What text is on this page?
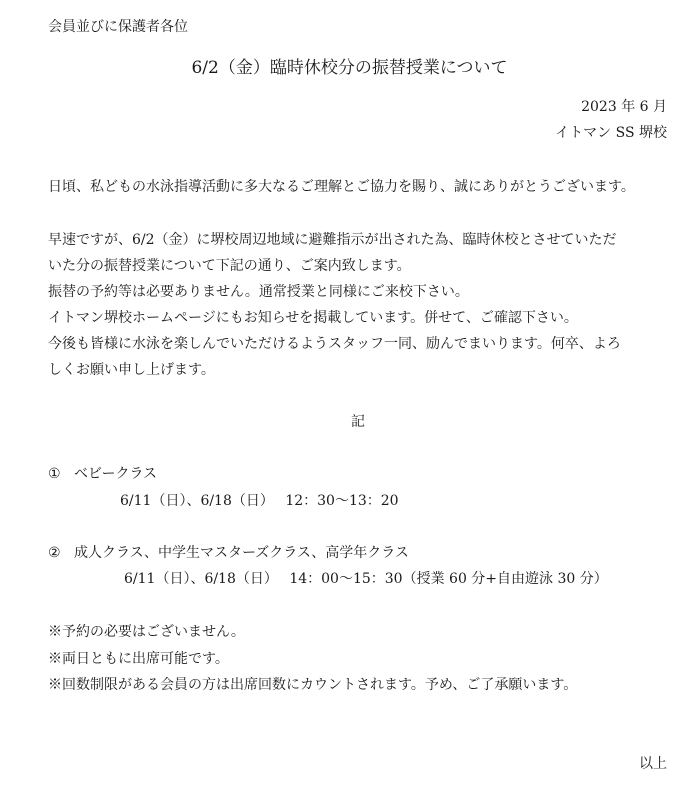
会員並びに保護者各位
6/2（金）臨時休校分の振替授業について
2023 年 6 月
イトマン SS 堺校
日頃、私どもの水泳指導活動に多大なるご理解とご協力を賜り、誠にありがとうございます。
早速ですが、6/2（金）に堺校周辺地域に避難指示が出された為、臨時休校とさせていただ
いた分の振替授業について下記の通り、ご案内致します。
振替の予約等は必要ありません。通常授業と同様にご来校下さい。
イトマン堺校ホームページにもお知らせを掲載しています。併せて、ご確認下さい。
今後も皆様に水泳を楽しんでいただけるようスタッフ一同、励んでまいります。何卒、よろ
しくお願い申し上げます。
記
① ベビークラス
6/11（日）、6/18（日）　 12：30～13：20
② 成人クラス、中学生マスターズクラス、高学年クラス
6/11（日）、6/18（日）　 14：00～15：30（授業 60 分+自由遊泳 30 分）
※予約の必要はございません。
※両日ともに出席可能です。
※回数制限がある会員の方は出席回数にカウントされます。予め、ご了承願います。
以上
